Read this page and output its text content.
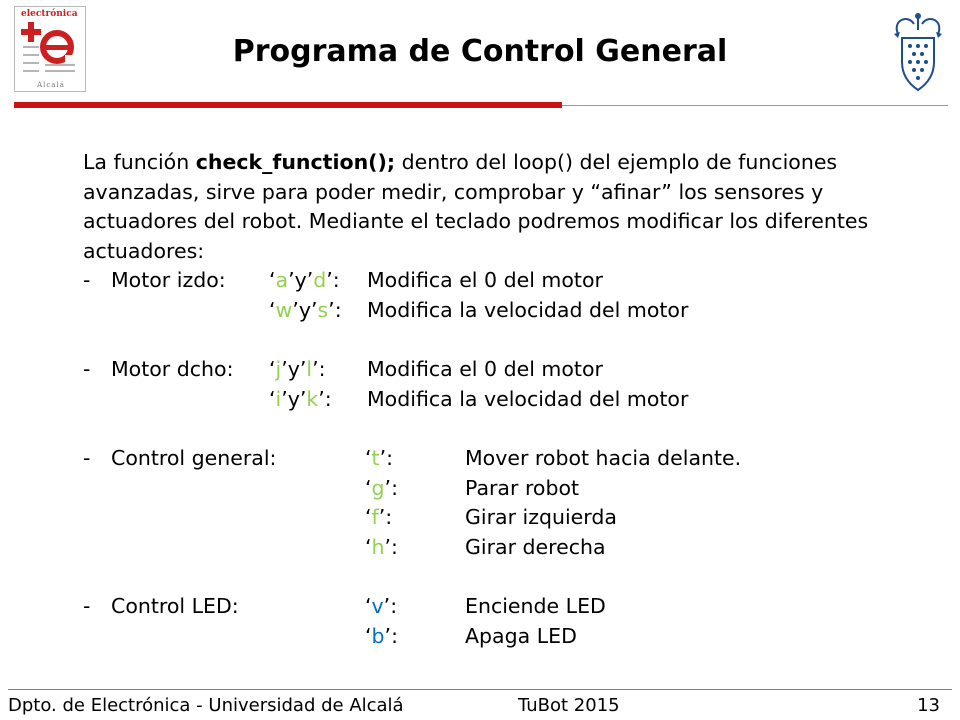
electrónica
Alcalá
Programa de Control General

La función check_function(); dentro del loop() del ejemplo de funciones avanzadas, sirve para poder medir, comprobar y “afinar” los sensores y actuadores del robot. Mediante el teclado podremos modificar los diferentes actuadores:

- Motor izdo: ‘a’y’d’: Modifica el 0 del motor
‘w’y’s’: Modifica la velocidad del motor
- Motor dcho: ‘j’y’l’: Modifica el 0 del motor
‘i’y’k’: Modifica la velocidad del motor
- Control general:	‘t’:	Mover robot hacia delante.
‘g’:	Parar robot
‘f’:	Girar izquierda
‘h’:	Girar derecha
- Control LED:	‘v’:	Enciende LED
‘b’:	Apaga LED
Dpto. de Electrónica - Universidad de Alcalá	TuBot 2015	13
